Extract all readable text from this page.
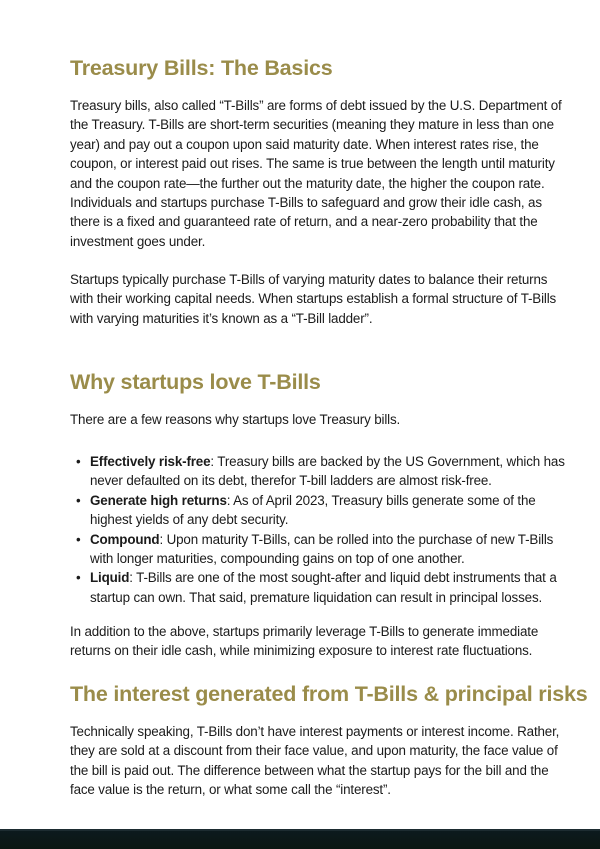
Treasury Bills: The Basics

Treasury bills, also called “T-Bills” are forms of debt issued by the U.S. Department of the Treasury. T-Bills are short-term securities (meaning they mature in less than one year) and pay out a coupon upon said maturity date. When interest rates rise, the coupon, or interest paid out rises. The same is true between the length until maturity and the coupon rate—the further out the maturity date, the higher the coupon rate. Individuals and startups purchase T-Bills to safeguard and grow their idle cash, as there is a fixed and guaranteed rate of return, and a near-zero probability that the investment goes under.

Startups typically purchase T-Bills of varying maturity dates to balance their returns with their working capital needs. When startups establish a formal structure of T-Bills with varying maturities it’s known as a “T-Bill ladder”.

Why startups love T-Bills

There are a few reasons why startups love Treasury bills.

• Effectively risk-free: Treasury bills are backed by the US Government, which has never defaulted on its debt, therefor T-bill ladders are almost risk-free.
• Generate high returns: As of April 2023, Treasury bills generate some of the highest yields of any debt security.
• Compound: Upon maturity T-Bills, can be rolled into the purchase of new T-Bills with longer maturities, compounding gains on top of one another.
• Liquid: T-Bills are one of the most sought-after and liquid debt instruments that a startup can own. That said, premature liquidation can result in principal losses.

In addition to the above, startups primarily leverage T-Bills to generate immediate returns on their idle cash, while minimizing exposure to interest rate fluctuations.

The interest generated from T-Bills & principal risks

Technically speaking, T-Bills don’t have interest payments or interest income. Rather, they are sold at a discount from their face value, and upon maturity, the face value of the bill is paid out. The difference between what the startup pays for the bill and the face value is the return, or what some call the “interest”.
